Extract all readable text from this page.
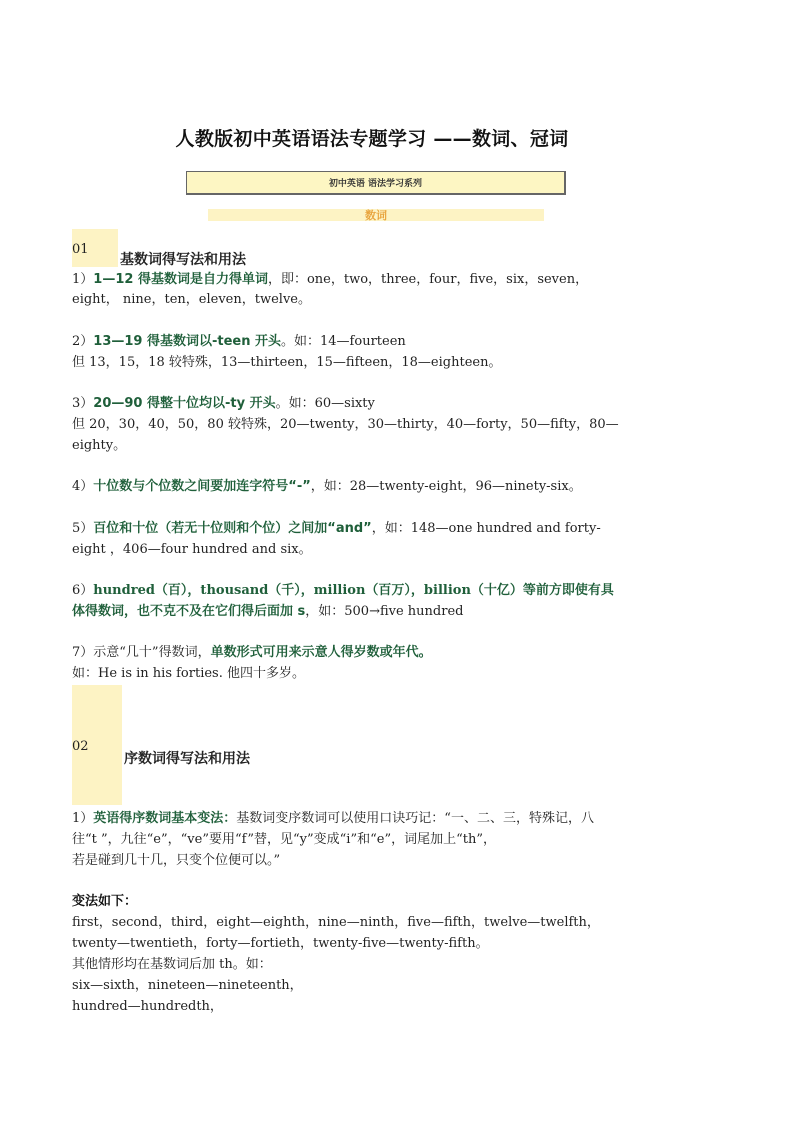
人教版初中英语语法专题学习 ——数词、冠词
初中英语 语法学习系列
数词
01
基数词得写法和用法
1）1—12 得基数词是自力得单词，即：one，two，three，four，five，six，seven，
eight， nine，ten，eleven，twelve。
2）13—19 得基数词以-teen 开头。如：14—fourteen
但 13，15，18 较特殊，13—thirteen，15—fifteen，18—eighteen。
3）20—90 得整十位均以-ty 开头。如：60—sixty
但 20，30，40，50，80 较特殊，20—twenty，30—thirty，40—forty，50—fifty，80—
eighty。
4）十位数与个位数之间要加连字符号“-”，如：28—twenty-eight，96—ninety-six。
5）百位和十位（若无十位则和个位）之间加“and”，如：148—one hundred and forty-
eight ，406—four hundred and six。
6）hundred（百），thousand（千），million（百万），billion（十亿）等前方即使有具
体得数词，也不克不及在它们得后面加 s，如：500→five hundred
7）示意“几十”得数词，单数形式可用来示意人得岁数或年代。
如：He is in his forties. 他四十多岁。
02
序数词得写法和用法
1）英语得序数词基本变法：基数词变序数词可以使用口诀巧记：“一、二、三，特殊记，八
往“t ”，九往“e”，“ve”要用“f”替，见“y”变成“i”和“e”，词尾加上“th”，
若是碰到几十几，只变个位便可以。”
变法如下：
first，second，third，eight—eighth，nine—ninth，five—fifth，twelve—twelfth，
twenty—twentieth，forty—fortieth，twenty-five—twenty-fifth。
其他情形均在基数词后加 th。如：
six—sixth，nineteen—nineteenth，
hundred—hundredth，
